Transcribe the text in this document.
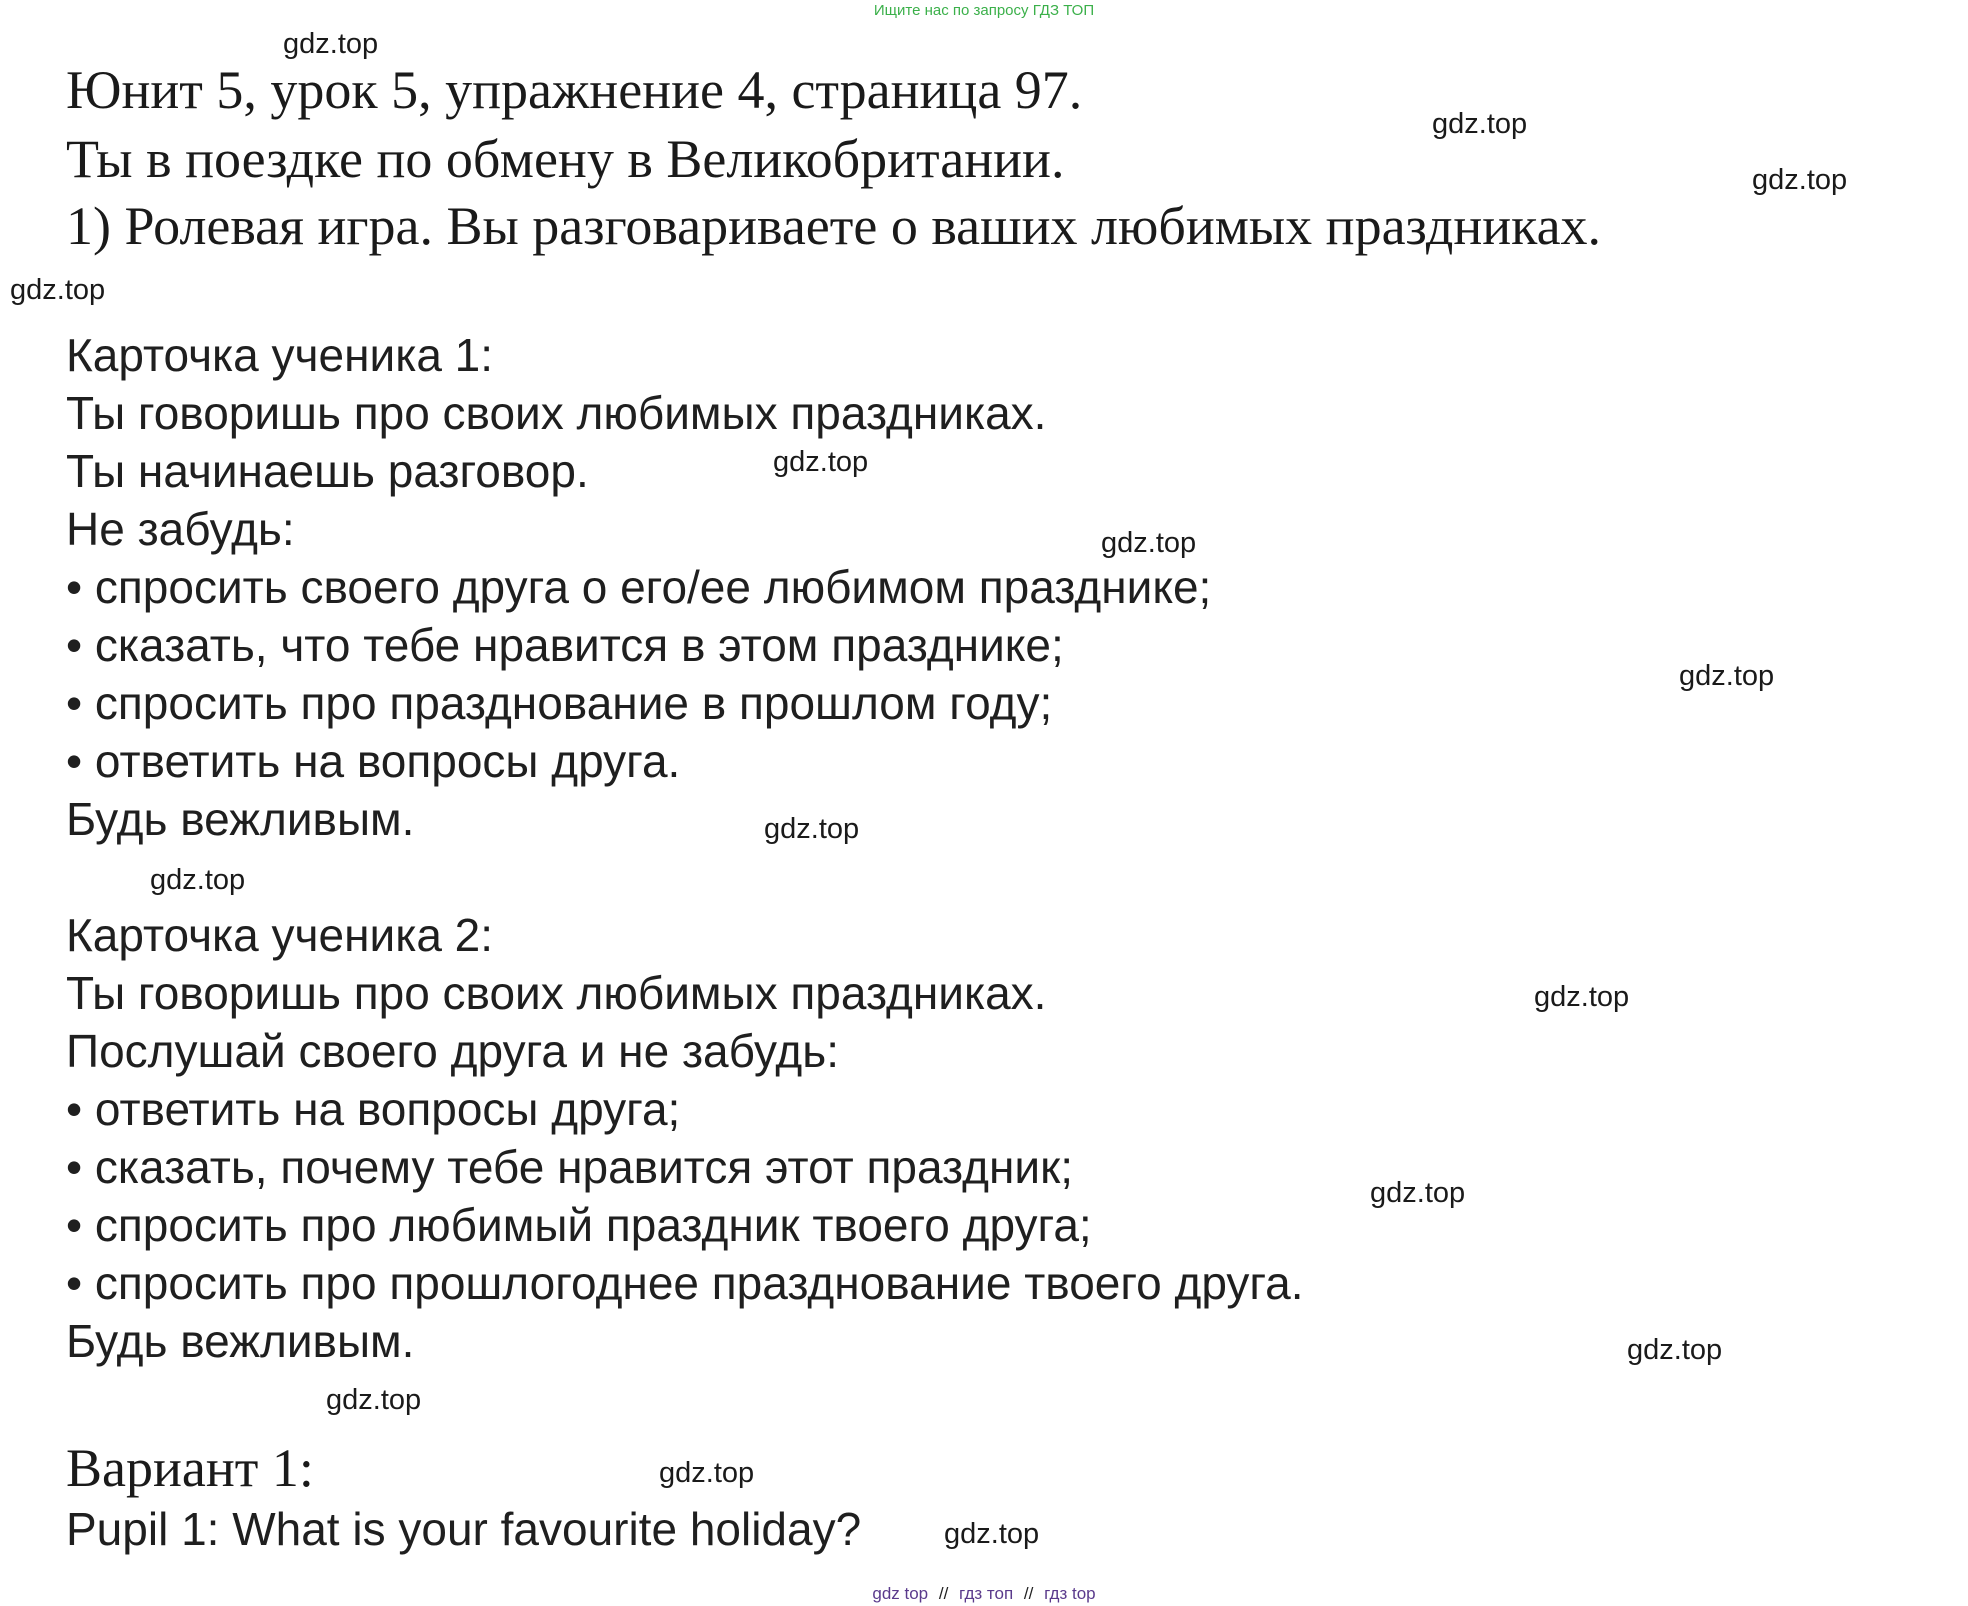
Ищите нас по запросу ГДЗ ТОП
Юнит 5, урок 5, упражнение 4, страница 97.
Ты в поездке по обмену в Великобритании.
1) Ролевая игра. Вы разговариваете о ваших любимых праздниках.
Карточка ученика 1:
Ты говоришь про своих любимых праздниках.
Ты начинаешь разговор.
Не забудь:
• спросить своего друга о его/ее любимом празднике;
• сказать, что тебе нравится в этом празднике;
• спросить про празднование в прошлом году;
• ответить на вопросы друга.
Будь вежливым.
Карточка ученика 2:
Ты говоришь про своих любимых праздниках.
Послушай своего друга и не забудь:
• ответить на вопросы друга;
• сказать, почему тебе нравится этот праздник;
• спросить про любимый праздник твоего друга;
• спросить про прошлогоднее празднование твоего друга.
Будь вежливым.
Вариант 1:
Pupil 1: What is your favourite holiday?
gdz.top
gdz.top
gdz.top
gdz.top
gdz.top
gdz.top
gdz.top
gdz.top
gdz.top
gdz.top
gdz.top
gdz.top
gdz.top
gdz.top
gdz.top
gdz top // гдз топ // гдз top
